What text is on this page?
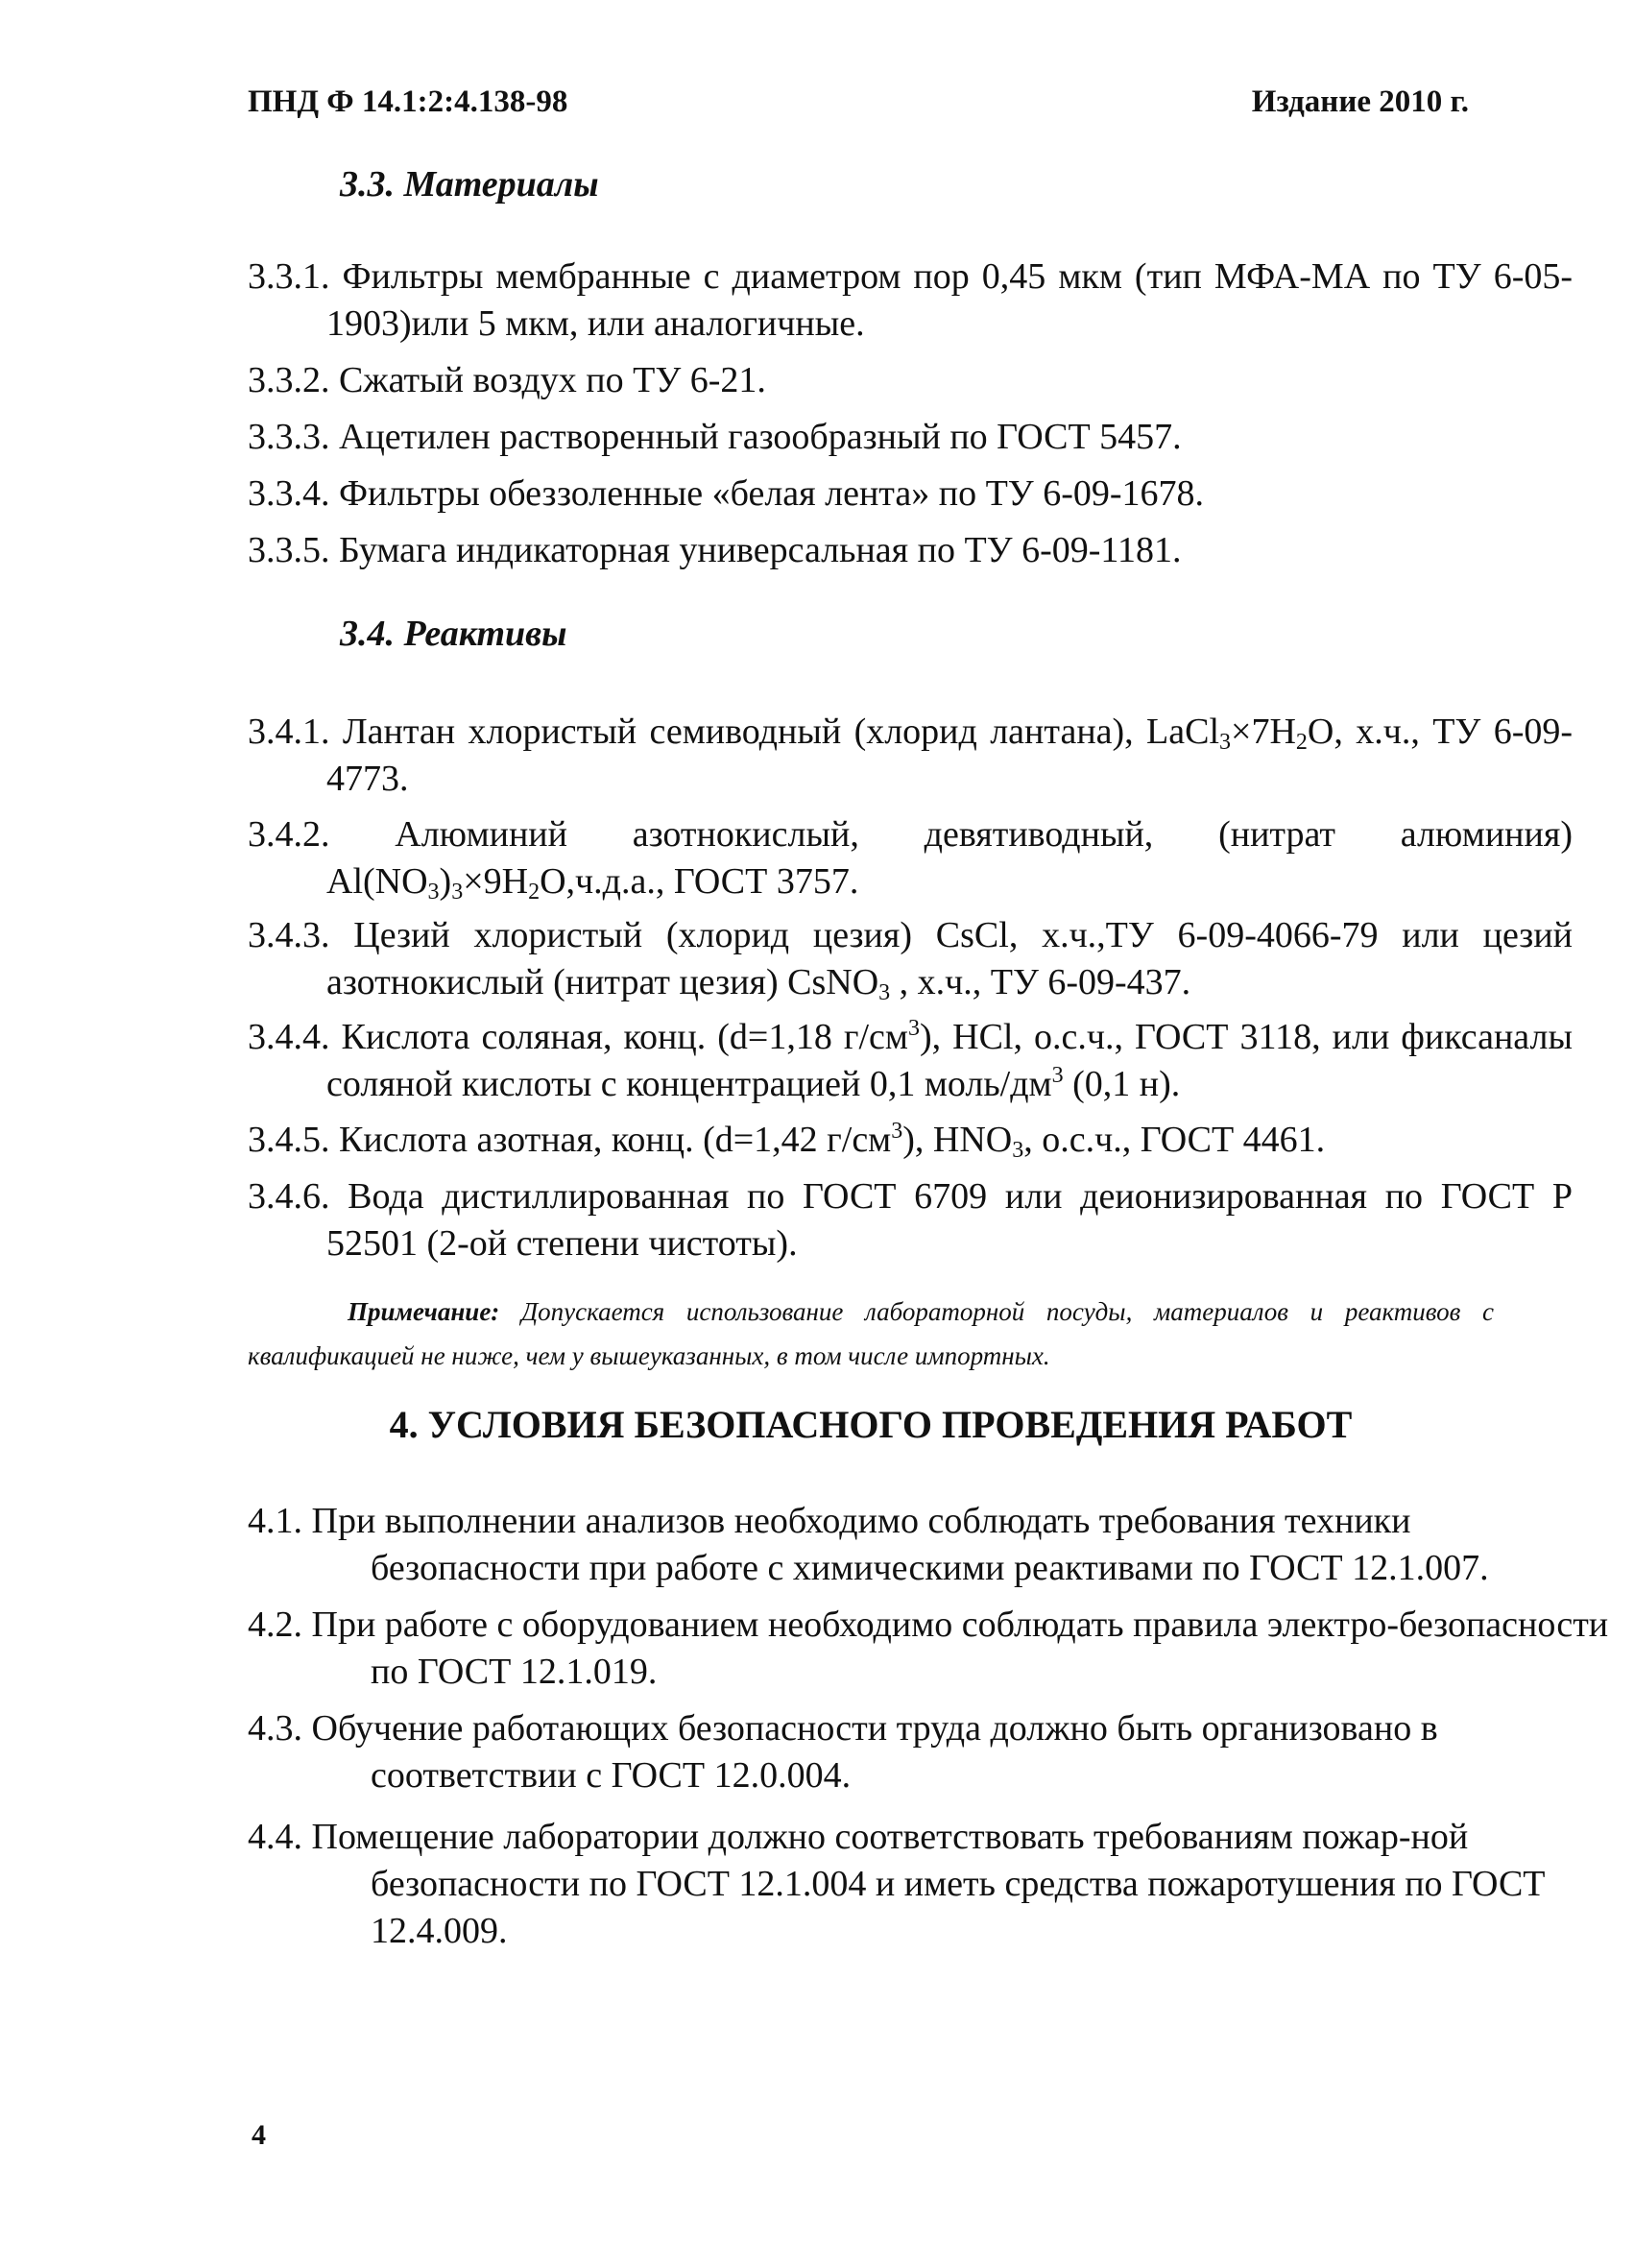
ПНД Ф 14.1:2:4.138-98	Издание 2010 г.
3.3. Материалы
3.3.1. Фильтры мембранные с диаметром пор 0,45 мкм (тип МФА-МА по ТУ 6-05-1903)или 5 мкм, или аналогичные.
3.3.2. Сжатый воздух по ТУ 6-21.
3.3.3. Ацетилен растворенный газообразный по ГОСТ 5457.
3.3.4. Фильтры обеззоленные «белая лента» по ТУ 6-09-1678.
3.3.5. Бумага индикаторная универсальная по ТУ 6-09-1181.
3.4. Реактивы
3.4.1. Лантан хлористый семиводный (хлорид лантана), $LaCl_3\times 7H_2O$, х.ч., ТУ 6-09-4773.
3.4.2. Алюминий азотнокислый, девятиводный, (нитрат алюминия) $Al(NO_3)_3\times 9H_2O,ч.д.а$., ГОСТ 3757.
3.4.3. Цезий хлористый (хлорид цезия) CsCl, х.ч.,ТУ 6-09-4066-79 или цезий азотнокислый (нитрат цезия) CsNO$_3$ , х.ч., ТУ 6-09-437.
3.4.4. Кислота соляная, конц. (d=1,18 $г/см^3$), HCl, о.с.ч., ГОСТ 3118, или фиксаналы соляной кислоты с концентрацией 0,1 моль/$дм^3$ (0,1 н).
3.4.5. Кислота азотная, конц. (d=1,42 $г/см^3$), $HNO_3$, о.с.ч., ГОСТ 4461.
3.4.6. Вода дистиллированная по ГОСТ 6709 или деионизированная по ГОСТ Р 52501 (2-ой степени чистоты).
Примечание: Допускается использование лабораторной посуды, материалов и реактивов с квалификацией не ниже, чем у вышеуказанных, в том числе импортных.
4. УСЛОВИЯ БЕЗОПАСНОГО ПРОВЕДЕНИЯ РАБОТ
4.1. При выполнении анализов необходимо соблюдать требования техники безопасности при работе с химическими реактивами по ГОСТ 12.1.007.
4.2. При работе с оборудованием необходимо соблюдать правила электро-безопасности по ГОСТ 12.1.019.
4.3. Обучение работающих безопасности труда должно быть организовано в соответствии с ГОСТ 12.0.004.
4.4. Помещение лаборатории должно соответствовать требованиям пожар-ной безопасности по ГОСТ 12.1.004 и иметь средства пожаротушения по ГОСТ 12.4.009.
4
